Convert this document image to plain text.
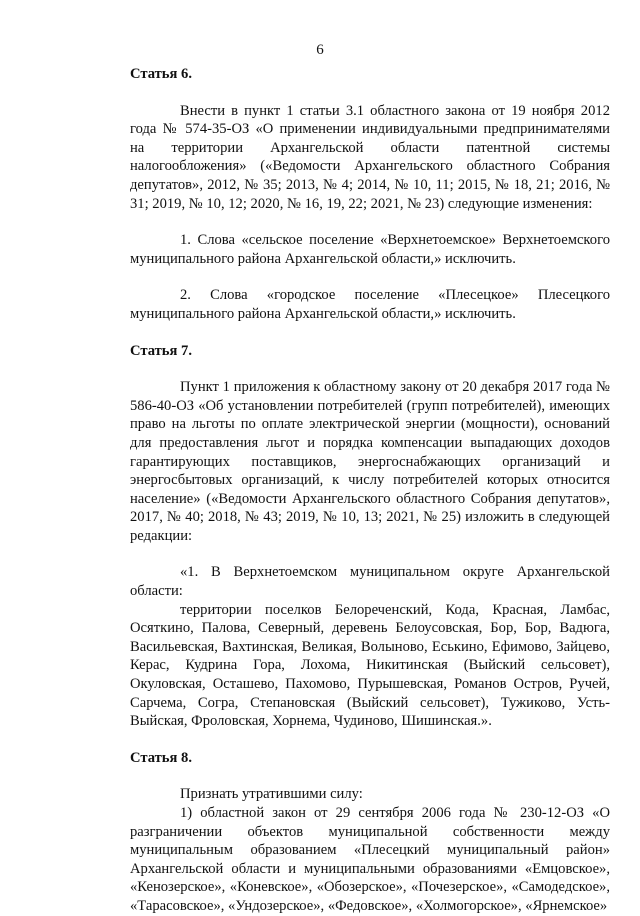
6
Статья 6.

Внести в пункт 1 статьи 3.1 областного закона от 19 ноября 2012 года № 574-35-ОЗ «О применении индивидуальными предпринимателями на территории Архангельской области патентной системы налогообложения» («Ведомости Архангельского областного Собрания депутатов», 2012, № 35; 2013, № 4; 2014, № 10, 11; 2015, № 18, 21; 2016, № 31; 2019, № 10, 12; 2020, № 16, 19, 22; 2021, № 23) следующие изменения:

1. Слова «сельское поселение «Верхнетоемское» Верхнетоемского муниципального района Архангельской области,» исключить.

2. Слова «городское поселение «Плесецкое» Плесецкого муниципального района Архангельской области,» исключить.

Статья 7.

Пункт 1 приложения к областному закону от 20 декабря 2017 года № 586-40-ОЗ «Об установлении потребителей (групп потребителей), имеющих право на льготы по оплате электрической энергии (мощности), оснований для предоставления льгот и порядка компенсации выпадающих доходов гарантирующих поставщиков, энергоснабжающих организаций и энергосбытовых организаций, к числу потребителей которых относится население» («Ведомости Архангельского областного Собрания депутатов», 2017, № 40; 2018, № 43; 2019, № 10, 13; 2021, № 25) изложить в следующей редакции:

«1. В Верхнетоемском муниципальном округе Архангельской области:

территории поселков Белореченский, Кода, Красная, Ламбас, Осяткино, Палова, Северный, деревень Белоусовская, Бор, Бор, Вадюга, Васильевская, Вахтинская, Великая, Волыново, Еськино, Ефимово, Зайцево, Керас, Кудрина Гора, Лохома, Никитинская (Выйский сельсовет), Окуловская, Осташево, Пахомово, Пурышевская, Романов Остров, Ручей, Сарчема, Согра, Степановская (Выйский сельсовет), Тужиково, Усть-Выйская, Фроловская, Хорнема, Чудиново, Шишинская.».

Статья 8.

Признать утратившими силу:

1) областной закон от 29 сентября 2006 года № 230-12-ОЗ «О разграничении объектов муниципальной собственности между муниципальным образованием «Плесецкий муниципальный район» Архангельской области и муниципальными образованиями «Емцовское», «Кенозерское», «Коневское», «Обозерское», «Почезерское», «Самодедское», «Тарасовское», «Ундозерское», «Федовское», «Холмогорское», «Ярнемское»
